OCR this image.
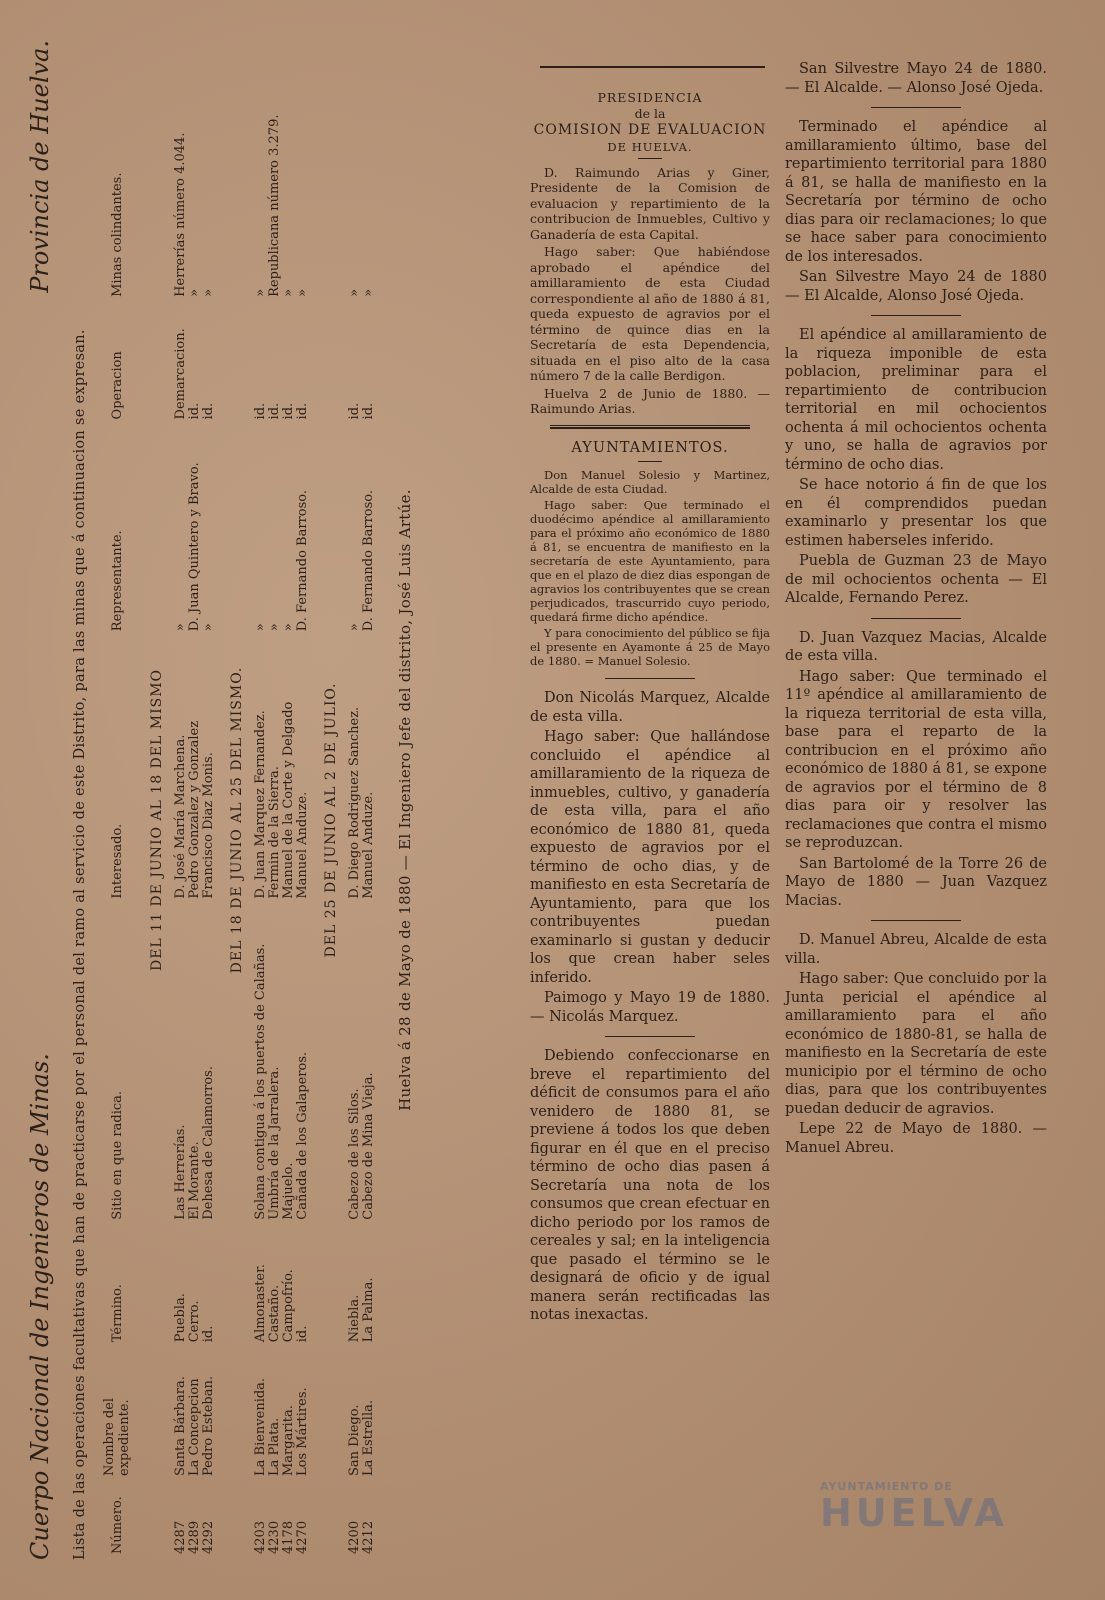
Cuerpo Nacional de Ingenieros de Minas.
Provincia de Huelva.
Lista de las operaciones facultativas que han de practicarse por el personal del ramo al servicio de este Distrito, para las minas que á continuacion se expresan. Número.	Nombre del expediente.	Término.	Sitio en que radica.	Interesado.	Representante.	Operacion	Minas colindantes.
DEL 11 DE JUNIO AL 18 DEL MISMO							
4287	Santa Bárbara.	Puebla.	Las Herrerías.	D. José María Marchena.	»	Demarcacion.	Herrerías número 4.044.
4289	La Concepcion	Cerro.	El Morante.	Pedro Gonzalez y Gonzalez	D. Juan Quintero y Bravo.	id.	»
4292	Pedro Esteban.	id.	Dehesa de Calamorros.	Francisco Diaz Monis.	»	id.	»
DEL 18 DE JUNIO AL 25 DEL MISMO.							
4203	La Bienvenida.	Almonaster.	Solana contigua á los puertos de Calañas.	D. Juan Marquez Fernandez.	»	id.	»
4230	La Plata.	Castaño.	Umbría de la Jarralera.	Fermin de la Sierra.	»	id.	Republicana número 3.279.
4178	Margarita.	Campofrío.	Majuelo.	Manuel de la Corte y Delgado	»	id.	»
4270	Los Mártires.	id.	Cañada de los Galaperos.	Manuel Anduze.	D. Fernando Barroso.	id.	»
DEL 25 DE JUNIO AL 2 DE JULIO.							
4200	San Diego.	Niebla.	Cabezo de los Silos.	D. Diego Rodriguez Sanchez.	»	id.	»
4212	La Estrella.	La Palma.	Cabezo de Mina Vieja.	Manuel Anduze.	D. Fernando Barroso.	id.	»
Huelva á 28 de Mayo de 1880 — El Ingeniero Jefe del distrito, José Luis Artúe.
PRESIDENCIA
de la
COMISION DE EVALUACION
DE HUELVA.

D. Raimundo Arias y Giner, Presidente de la Comision de evaluacion y repartimiento de la contribucion de Inmuebles, Cultivo y Ganadería de esta Capital.

Hago saber: Que habiéndose aprobado el apéndice del amillaramiento de esta Ciudad correspondiente al año de 1880 á 81, queda expuesto de agravios por el término de quince dias en la Secretaría de esta Dependencia, situada en el piso alto de la casa número 7 de la calle Berdigon.

Huelva 2 de Junio de 1880. — Raimundo Arias.

AYUNTAMIENTOS.

Don Manuel Solesio y Martinez, Alcalde de esta Ciudad.

Hago saber: Que terminado el duodécimo apéndice al amillaramiento para el próximo año económico de 1880 á 81, se encuentra de manifiesto en la secretaría de este Ayuntamiento, para que en el plazo de diez dias espongan de agravios los contribuyentes que se crean perjudicados, trascurrido cuyo periodo, quedará firme dicho apéndice.

Y para conocimiento del público se fija el presente en Ayamonte á 25 de Mayo de 1880. = Manuel Solesio.

Don Nicolás Marquez, Alcalde de esta villa.

Hago saber: Que hallándose concluido el apéndice al amillaramiento de la riqueza de inmuebles, cultivo, y ganadería de esta villa, para el año económico de 1880 81, queda expuesto de agravios por el término de ocho dias, y de manifiesto en esta Secretaría de Ayuntamiento, para que los contribuyentes puedan examinarlo si gustan y deducir los que crean haber seles inferido.

Paimogo y Mayo 19 de 1880. — Nicolás Marquez.

Debiendo confeccionarse en breve el repartimiento del déficit de consumos para el año venidero de 1880 81, se previene á todos los que deben figurar en él que en el preciso término de ocho dias pasen á Secretaría una nota de los consumos que crean efectuar en dicho periodo por los ramos de cereales y sal; en la inteligencia que pasado el término se le designará de oficio y de igual manera serán rectificadas las notas inexactas.

San Silvestre Mayo 24 de 1880. — El Alcalde. — Alonso José Ojeda.

Terminado el apéndice al amillaramiento último, base del repartimiento territorial para 1880 á 81, se halla de manifiesto en la Secretaría por término de ocho dias para oir reclamaciones; lo que se hace saber para conocimiento de los interesados.

San Silvestre Mayo 24 de 1880 — El Alcalde, Alonso José Ojeda.

El apéndice al amillaramiento de la riqueza imponible de esta poblacion, preliminar para el repartimiento de contribucion territorial en mil ochocientos ochenta á mil ochocientos ochenta y uno, se halla de agravios por término de ocho dias.

Se hace notorio á fin de que los en él comprendidos puedan examinarlo y presentar los que estimen haberseles inferido.

Puebla de Guzman 23 de Mayo de mil ochocientos ochenta — El Alcalde, Fernando Perez.

D. Juan Vazquez Macias, Alcalde de esta villa.

Hago saber: Que terminado el 11º apéndice al amillaramiento de la riqueza territorial de esta villa, base para el reparto de la contribucion en el próximo año económico de 1880 á 81, se expone de agravios por el término de 8 dias para oir y resolver las reclamaciones que contra el mismo se reproduzcan.

San Bartolomé de la Torre 26 de Mayo de 1880 — Juan Vazquez Macias.

D. Manuel Abreu, Alcalde de esta villa.

Hago saber: Que concluido por la Junta pericial el apéndice al amillaramiento para el año económico de 1880-81, se halla de manifiesto en la Secretaría de este municipio por el término de ocho dias, para que los contribuyentes puedan deducir de agravios.

Lepe 22 de Mayo de 1880. — Manuel Abreu.

AYUNTAMIENTO DE
HUELVA
